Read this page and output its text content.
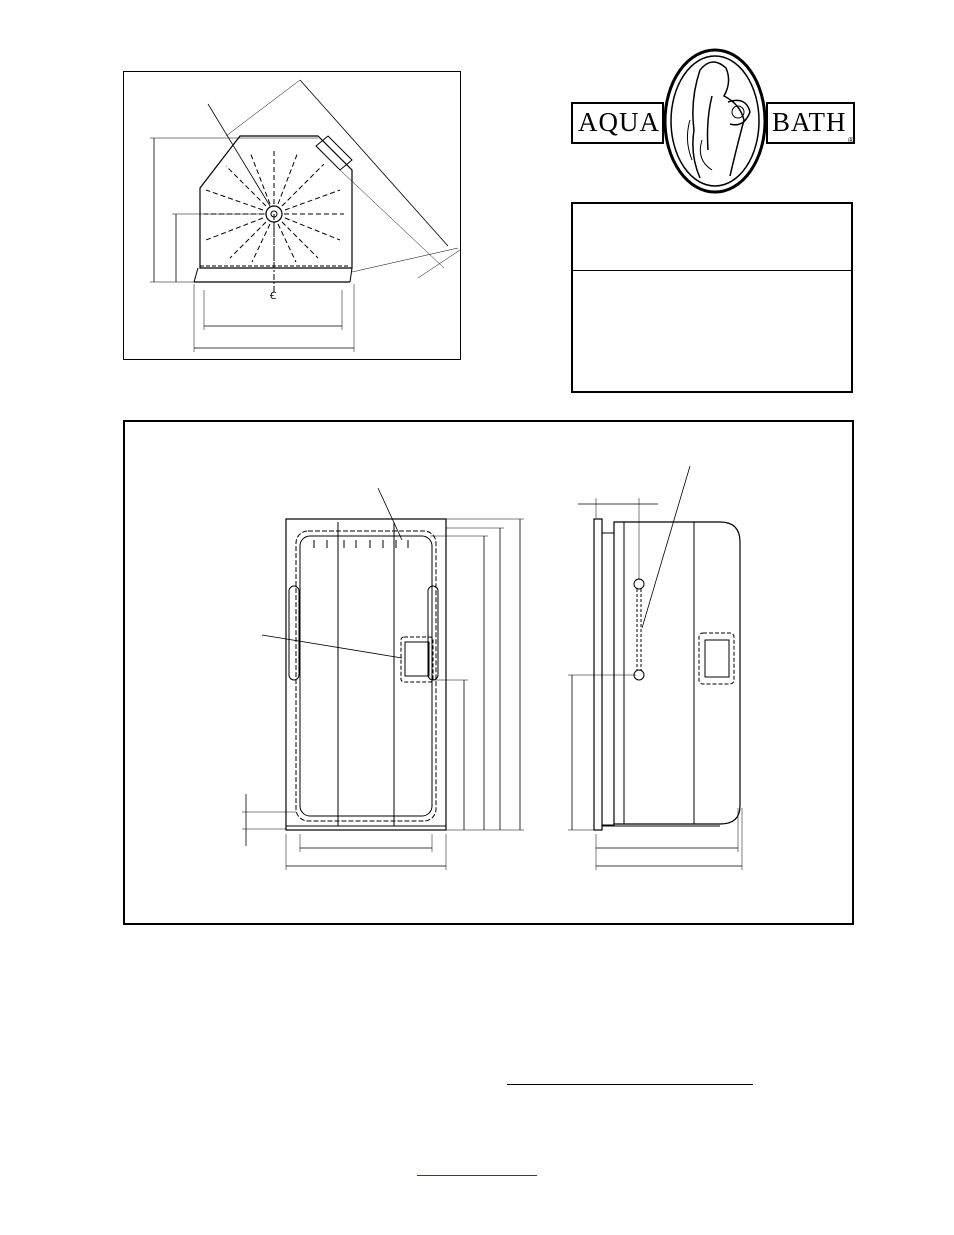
Ꞓ
AQUA	BATH
®
